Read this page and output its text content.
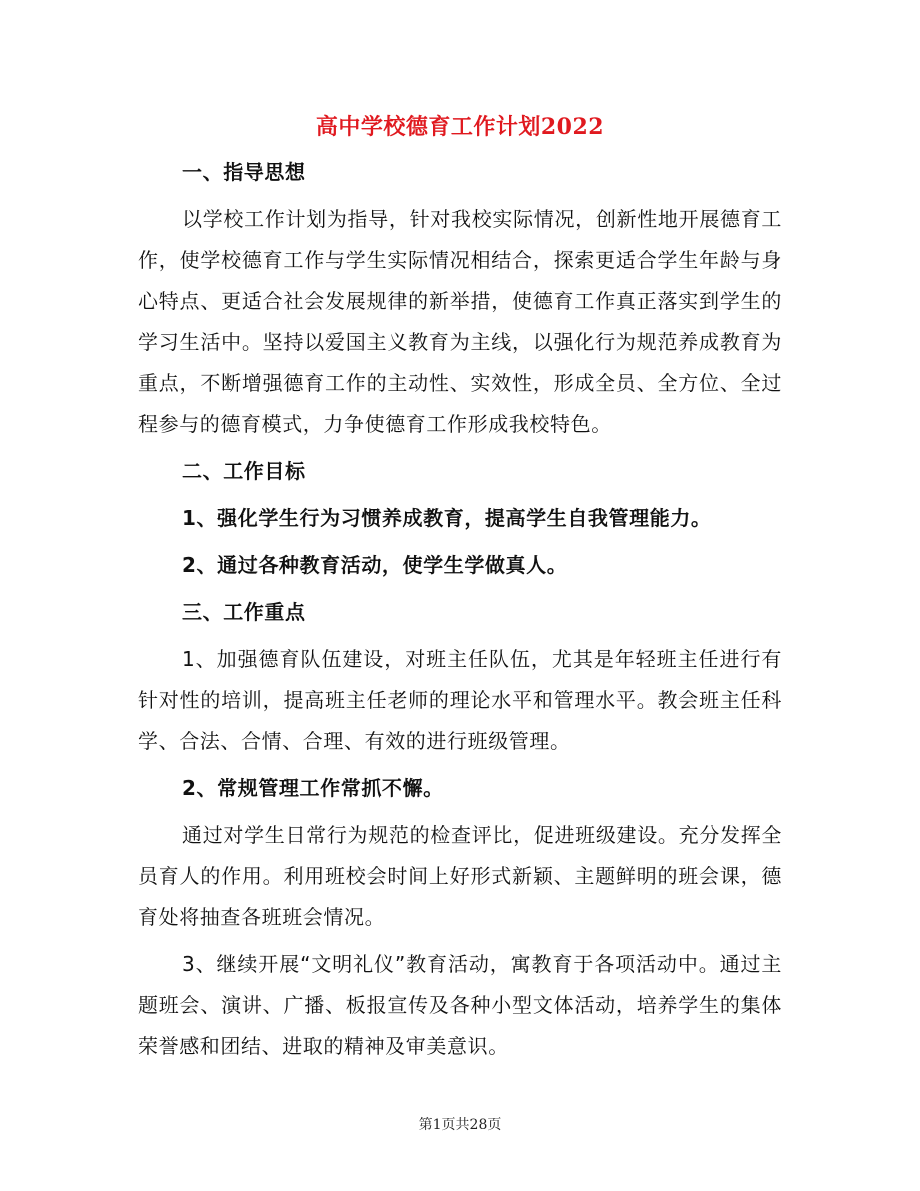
高中学校德育工作计划2022

一、指导思想

以学校工作计划为指导，针对我校实际情况，创新性地开展德育工作，使学校德育工作与学生实际情况相结合，探索更适合学生年龄与身心特点、更适合社会发展规律的新举措，使德育工作真正落实到学生的学习生活中。坚持以爱国主义教育为主线，以强化行为规范养成教育为重点，不断增强德育工作的主动性、实效性，形成全员、全方位、全过程参与的德育模式，力争使德育工作形成我校特色。

二、工作目标

1、强化学生行为习惯养成教育，提高学生自我管理能力。

2、通过各种教育活动，使学生学做真人。

三、工作重点

1、加强德育队伍建设，对班主任队伍，尤其是年轻班主任进行有针对性的培训，提高班主任老师的理论水平和管理水平。教会班主任科学、合法、合情、合理、有效的进行班级管理。

2、常规管理工作常抓不懈。

通过对学生日常行为规范的检查评比，促进班级建设。充分发挥全员育人的作用。利用班校会时间上好形式新颖、主题鲜明的班会课，德育处将抽查各班班会情况。

3、继续开展“文明礼仪”教育活动，寓教育于各项活动中。通过主题班会、演讲、广播、板报宣传及各种小型文体活动，培养学生的集体荣誉感和团结、进取的精神及审美意识。

第1页共28页
